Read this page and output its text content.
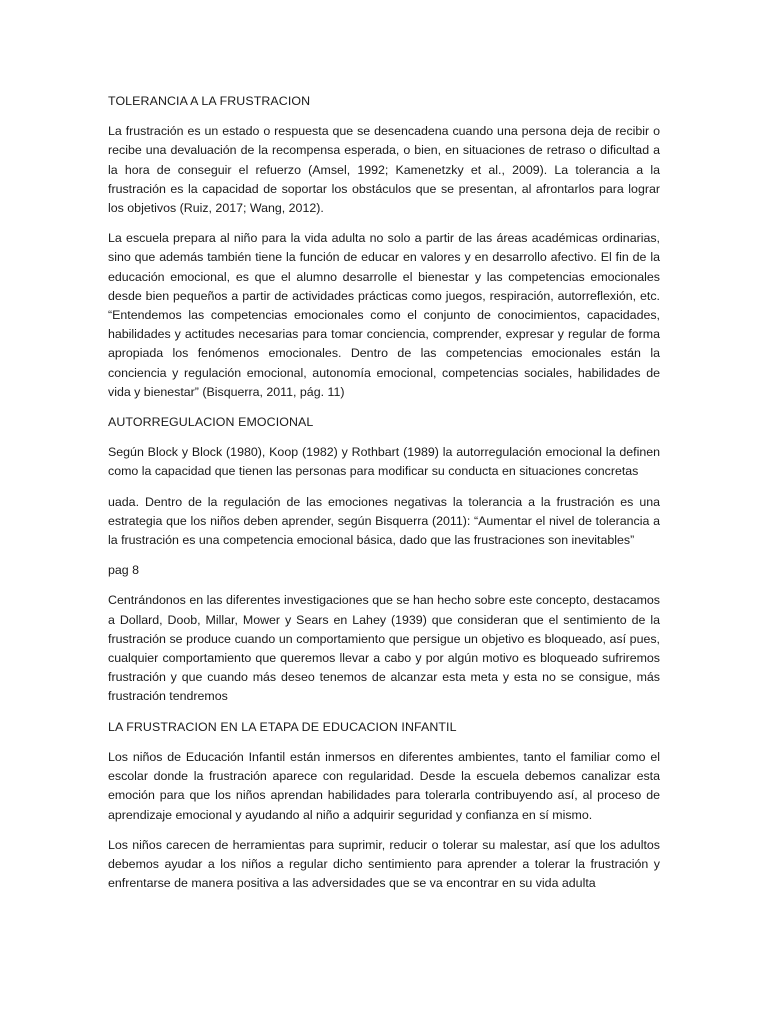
TOLERANCIA A LA FRUSTRACION

La frustración es un estado o respuesta que se desencadena cuando una persona deja de recibir o recibe una devaluación de la recompensa esperada, o bien, en situaciones de retraso o dificultad a la hora de conseguir el refuerzo (Amsel, 1992; Kamenetzky et al., 2009). La tolerancia a la frustración es la capacidad de soportar los obstáculos que se presentan, al afrontarlos para lograr los objetivos (Ruiz, 2017; Wang, 2012).

La escuela prepara al niño para la vida adulta no solo a partir de las áreas académicas ordinarias, sino que además también tiene la función de educar en valores y en desarrollo afectivo. El fin de la educación emocional, es que el alumno desarrolle el bienestar y las competencias emocionales desde bien pequeños a partir de actividades prácticas como juegos, respiración, autorreflexión, etc. “Entendemos las competencias emocionales como el conjunto de conocimientos, capacidades, habilidades y actitudes necesarias para tomar conciencia, comprender, expresar y regular de forma apropiada los fenómenos emocionales. Dentro de las competencias emocionales están la conciencia y regulación emocional, autonomía emocional, competencias sociales, habilidades de vida y bienestar” (Bisquerra, 2011, pág. 11)

AUTORREGULACION EMOCIONAL

Según Block y Block (1980), Koop (1982) y Rothbart (1989) la autorregulación emocional la definen como la capacidad que tienen las personas para modificar su conducta en situaciones concretas

uada. Dentro de la regulación de las emociones negativas la tolerancia a la frustración es una estrategia que los niños deben aprender, según Bisquerra (2011): “Aumentar el nivel de tolerancia a la frustración es una competencia emocional básica, dado que las frustraciones son inevitables”

pag 8

Centrándonos en las diferentes investigaciones que se han hecho sobre este concepto, destacamos a Dollard, Doob, Millar, Mower y Sears en Lahey (1939) que consideran que el sentimiento de la frustración se produce cuando un comportamiento que persigue un objetivo es bloqueado, así pues, cualquier comportamiento que queremos llevar a cabo y por algún motivo es bloqueado sufriremos frustración y que cuando más deseo tenemos de alcanzar esta meta y esta no se consigue, más frustración tendremos

LA FRUSTRACION EN LA ETAPA DE EDUCACION INFANTIL

Los niños de Educación Infantil están inmersos en diferentes ambientes, tanto el familiar como el escolar donde la frustración aparece con regularidad. Desde la escuela debemos canalizar esta emoción para que los niños aprendan habilidades para tolerarla contribuyendo así, al proceso de aprendizaje emocional y ayudando al niño a adquirir seguridad y confianza en sí mismo.

Los niños carecen de herramientas para suprimir, reducir o tolerar su malestar, así que los adultos debemos ayudar a los niños a regular dicho sentimiento para aprender a tolerar la frustración y enfrentarse de manera positiva a las adversidades que se va encontrar en su vida adulta
